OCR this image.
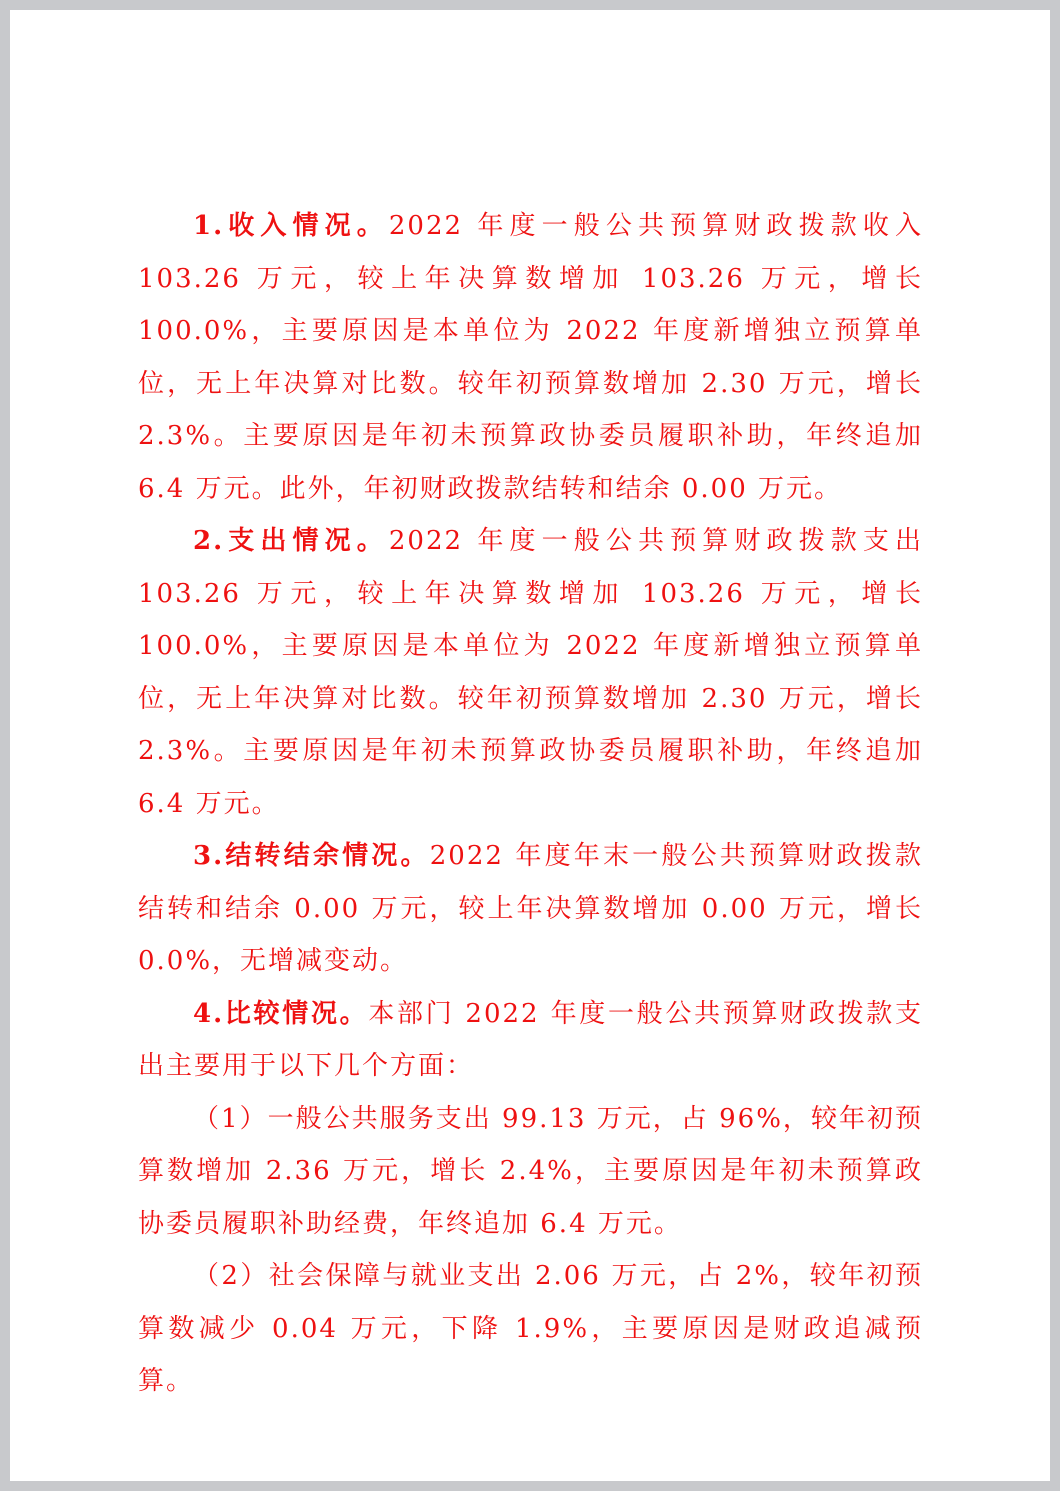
1.收入情况。2022 年度一般公共预算财政拨款收入 103.26 万元，较上年决算数增加 103.26 万元，增长 100.0%，主要原因是本单位为 2022 年度新增独立预算单位，无上年决算对比数。较年初预算数增加 2.30 万元，增长 2.3%。主要原因是年初未预算政协委员履职补助，年终追加 6.4 万元。此外，年初财政拨款结转和结余 0.00 万元。

2.支出情况。2022 年度一般公共预算财政拨款支出 103.26 万元，较上年决算数增加 103.26 万元，增长 100.0%，主要原因是本单位为 2022 年度新增独立预算单位，无上年决算对比数。较年初预算数增加 2.30 万元，增长 2.3%。主要原因是年初未预算政协委员履职补助，年终追加 6.4 万元。

3.结转结余情况。2022 年度年末一般公共预算财政拨款结转和结余 0.00 万元，较上年决算数增加 0.00 万元，增长 0.0%，无增减变动。

4.比较情况。本部门 2022 年度一般公共预算财政拨款支出主要用于以下几个方面：

（1）一般公共服务支出 99.13 万元，占 96%，较年初预算数增加 2.36 万元，增长 2.4%，主要原因是年初未预算政协委员履职补助经费，年终追加 6.4 万元。

（2）社会保障与就业支出 2.06 万元，占 2%，较年初预算数减少 0.04 万元，下降 1.9%，主要原因是财政追减预算。
